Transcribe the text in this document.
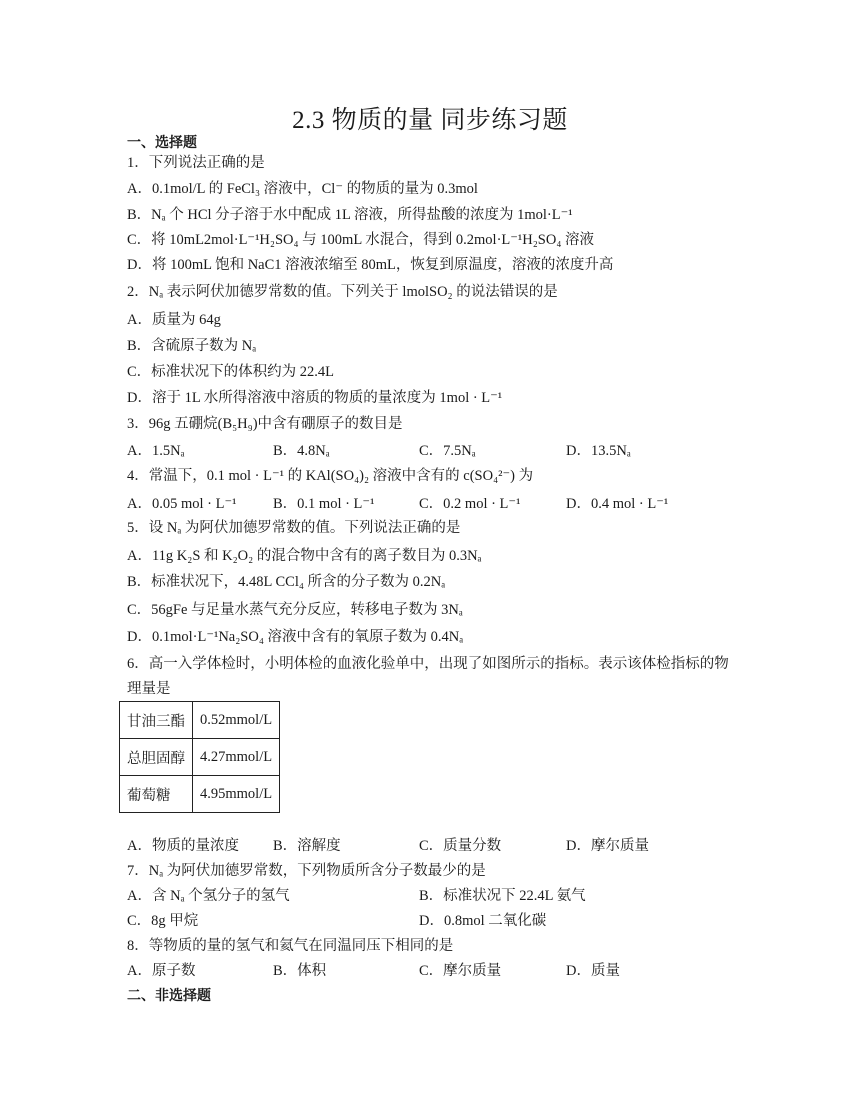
2.3 物质的量 同步练习题
一、选择题
1．下列说法正确的是
A．0.1mol/L 的 FeCl₃ 溶液中，Cl⁻ 的物质的量为 0.3mol
B．Nₐ 个 HCl 分子溶于水中配成 1L 溶液，所得盐酸的浓度为 1mol·L⁻¹
C．将 10mL2mol·L⁻¹H₂SO₄ 与 100mL 水混合，得到 0.2mol·L⁻¹H₂SO₄ 溶液
D．将 100mL 饱和 NaC1 溶液浓缩至 80mL，恢复到原温度，溶液的浓度升高
2．Nₐ 表示阿伏加德罗常数的值。下列关于 lmolSO₂ 的说法错误的是
A．质量为 64g
B．含硫原子数为 Nₐ
C．标准状况下的体积约为 22.4L
D．溶于 1L 水所得溶液中溶质的物质的量浓度为 1mol · L⁻¹
3．96g 五硼烷(B₅H₉)中含有硼原子的数目是
A．1.5Nₐ	B．4.8Nₐ	C．7.5Nₐ	D．13.5Nₐ
4．常温下，0.1 mol · L⁻¹ 的 KAl(SO₄)₂ 溶液中含有的 c(SO₄²⁻) 为
A．0.05 mol · L⁻¹	B．0.1 mol · L⁻¹	C．0.2 mol · L⁻¹	D．0.4 mol · L⁻¹
5．设 Nₐ 为阿伏加德罗常数的值。下列说法正确的是
A．11g K₂S 和 K₂O₂ 的混合物中含有的离子数目为 0.3Nₐ
B．标准状况下，4.48L CCl₄ 所含的分子数为 0.2Nₐ
C．56gFe 与足量水蒸气充分反应，转移电子数为 3Nₐ
D．0.1mol·L⁻¹Na₂SO₄ 溶液中含有的氧原子数为 0.4Nₐ
6．高一入学体检时，小明体检的血液化验单中，出现了如图所示的指标。表示该体检指标的物
理量是
甘油三酯	0.52mmol/L
总胆固醇	4.27mmol/L
葡萄糖	4.95mmol/L
A．物质的量浓度 B．溶解度	C．质量分数	D．摩尔质量
7．Nₐ 为阿伏加德罗常数，下列物质所含分子数最少的是
A．含 Nₐ 个氢分子的氢气	B．标准状况下 22.4L 氨气
C．8g 甲烷	D．0.8mol 二氧化碳
8．等物质的量的氢气和氦气在同温同压下相同的是
A．原子数	B．体积	C．摩尔质量	D．质量
二、非选择题
